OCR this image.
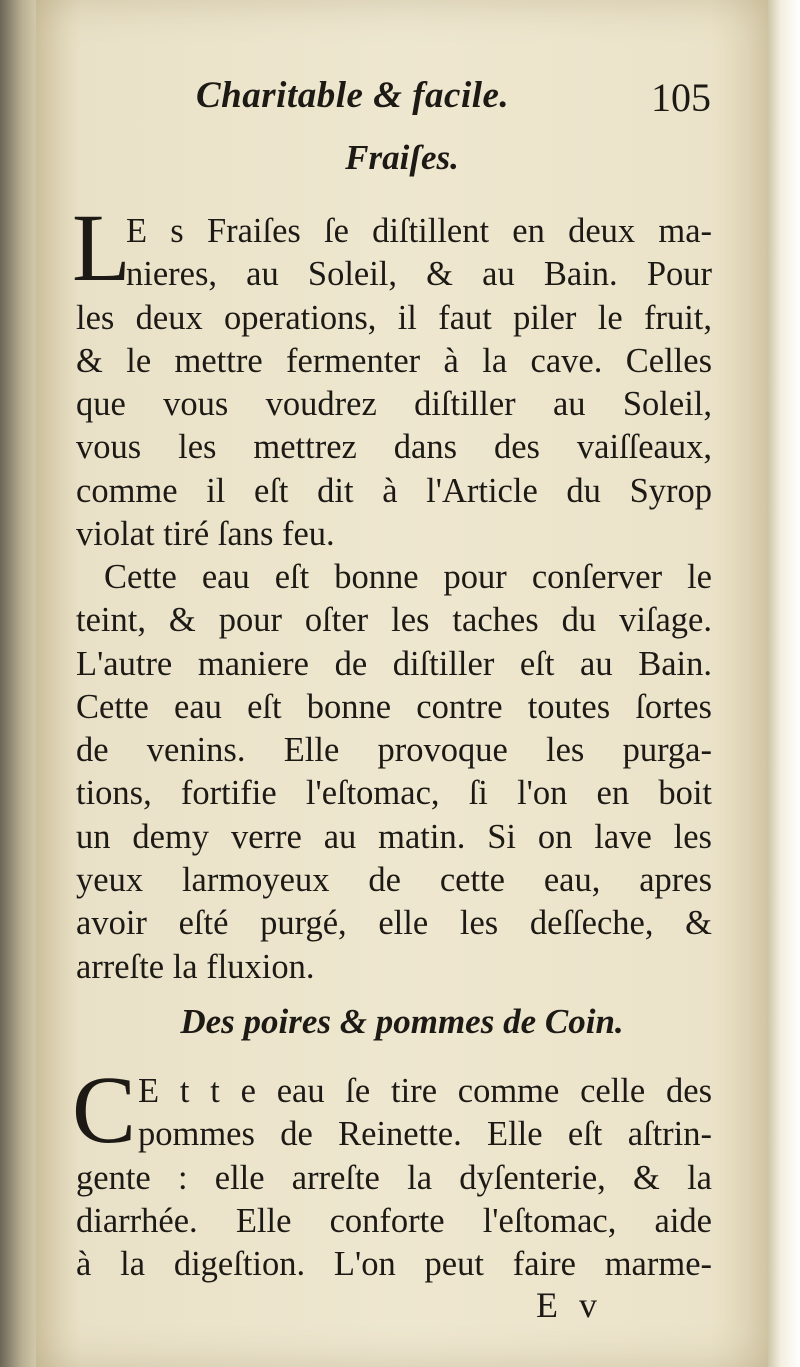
Charitable & facile.	105
Fraiſes.
L
E s Fraiſes ſe diſtillent en deux ma-
nieres, au Soleil, & au Bain. Pour
les deux operations, il faut piler le fruit,
& le mettre fermenter à la cave. Celles
que vous voudrez diſtiller au Soleil,
vous les mettrez dans des vaiſſeaux,
comme il eſt dit à l'Article du Syrop
violat tiré ſans feu.
Cette eau eſt bonne pour conſerver le
teint, & pour oſter les taches du viſage.
L'autre maniere de diſtiller eſt au Bain.
Cette eau eſt bonne contre toutes ſortes
de venins. Elle provoque les purga-
tions, fortifie l'eſtomac, ſi l'on en boit
un demy verre au matin. Si on lave les
yeux larmoyeux de cette eau, apres
avoir eſté purgé, elle les deſſeche, &
arreſte la fluxion.
Des poires & pommes de Coin.
C E t t e eau ſe tire comme celle des
pommes de Reinette. Elle eſt aſtrin-
gente : elle arreſte la dyſenterie, & la
diarrhée. Elle conforte l'eſtomac, aide
à la digeſtion. L'on peut faire marme-
E v
